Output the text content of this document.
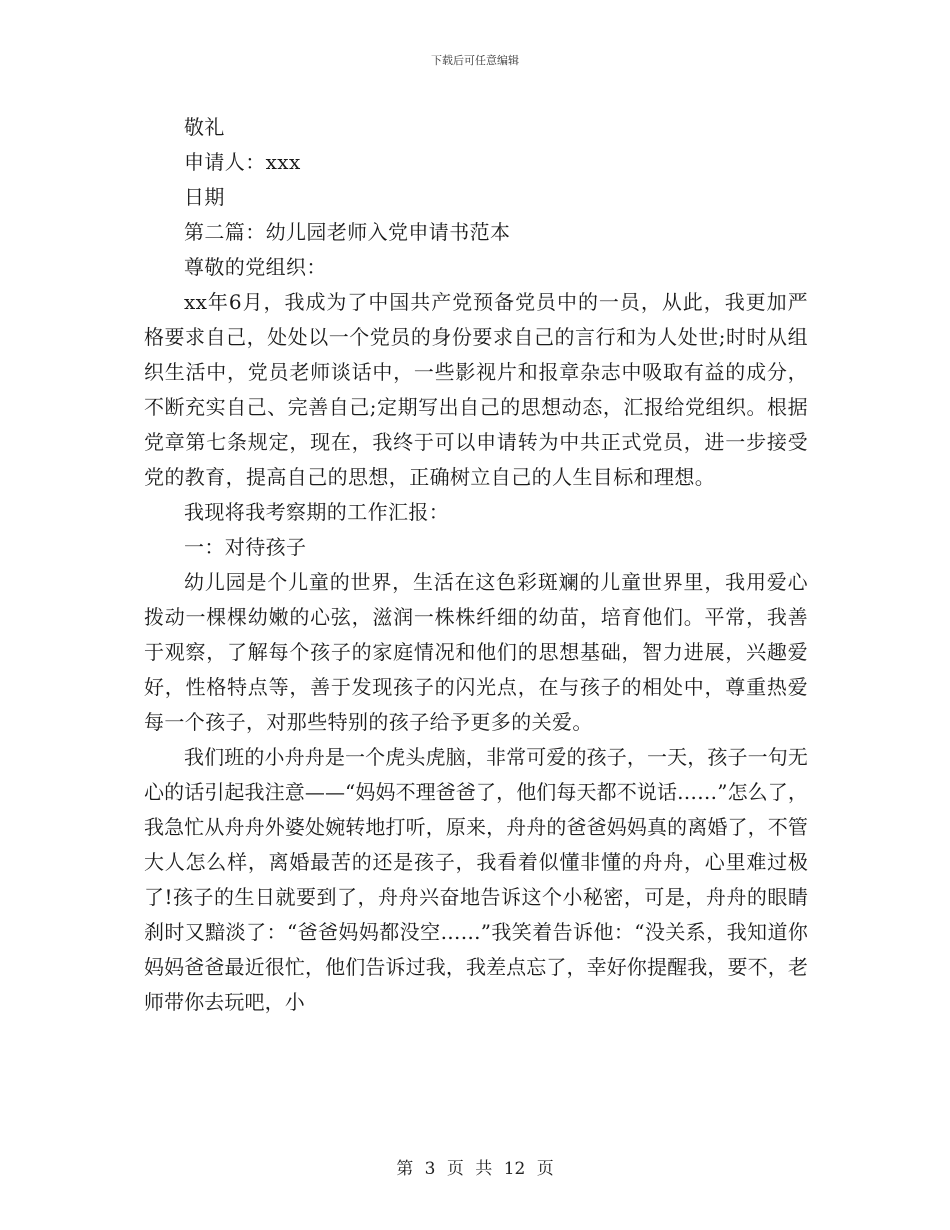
下载后可任意编辑

敬礼

申请人：xxx

日期

第二篇：幼儿园老师入党申请书范本

尊敬的党组织：

xx年6月，我成为了中国共产党预备党员中的一员，从此，我更加严格要求自己，处处以一个党员的身份要求自己的言行和为人处世;时时从组织生活中，党员老师谈话中，一些影视片和报章杂志中吸取有益的成分，不断充实自己、完善自己;定期写出自己的思想动态，汇报给党组织。根据党章第七条规定，现在，我终于可以申请转为中共正式党员，进一步接受党的教育，提高自己的思想，正确树立自己的人生目标和理想。

我现将我考察期的工作汇报：

一：对待孩子

幼儿园是个儿童的世界，生活在这色彩斑斓的儿童世界里，我用爱心拨动一棵棵幼嫩的心弦，滋润一株株纤细的幼苗，培育他们。平常，我善于观察，了解每个孩子的家庭情况和他们的思想基础，智力进展，兴趣爱好，性格特点等，善于发现孩子的闪光点，在与孩子的相处中，尊重热爱每一个孩子，对那些特别的孩子给予更多的关爱。

我们班的小舟舟是一个虎头虎脑，非常可爱的孩子，一天，孩子一句无心的话引起我注意——“妈妈不理爸爸了，他们每天都不说话……”怎么了，我急忙从舟舟外婆处婉转地打听，原来，舟舟的爸爸妈妈真的离婚了，不管大人怎么样，离婚最苦的还是孩子，我看着似懂非懂的舟舟，心里难过极了!孩子的生日就要到了，舟舟兴奋地告诉这个小秘密，可是，舟舟的眼睛刹时又黯淡了：“爸爸妈妈都没空……”我笑着告诉他：“没关系，我知道你妈妈爸爸最近很忙，他们告诉过我，我差点忘了，幸好你提醒我，要不，老师带你去玩吧，小

第 3 页 共 12 页
